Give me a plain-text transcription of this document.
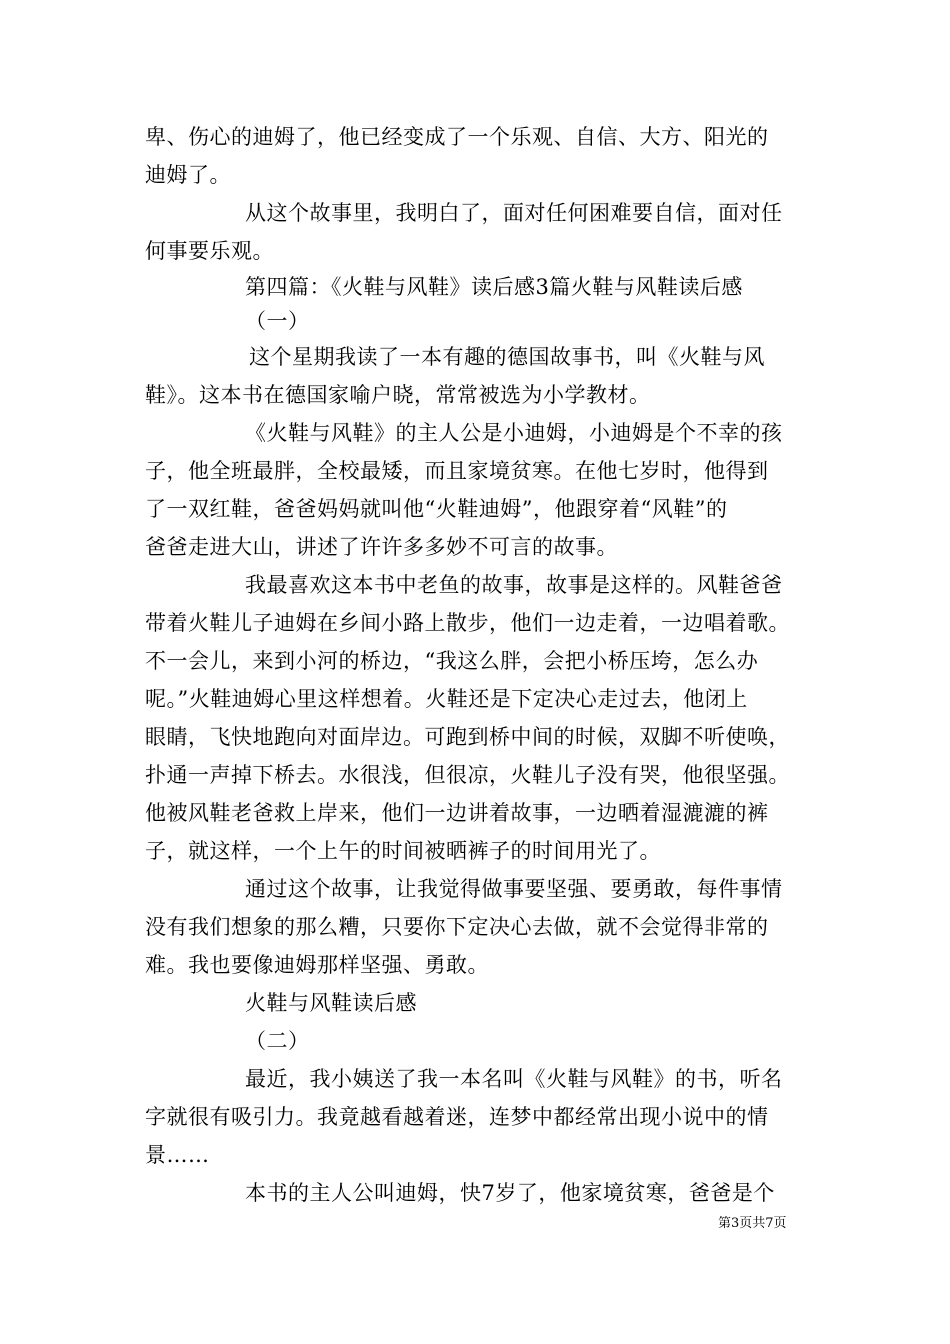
卑、伤心的迪姆了，他已经变成了一个乐观、自信、大方、阳光的
迪姆了。
从这个故事里，我明白了，面对任何困难要自信，面对任
何事要乐观。
第四篇：《火鞋与风鞋》读后感3篇火鞋与风鞋读后感
（一）
这个星期我读了一本有趣的德国故事书，叫《火鞋与风
鞋》。这本书在德国家喻户晓，常常被选为小学教材。
《火鞋与风鞋》的主人公是小迪姆，小迪姆是个不幸的孩
子，他全班最胖，全校最矮，而且家境贫寒。在他七岁时，他得到
了一双红鞋，爸爸妈妈就叫他“火鞋迪姆”，他跟穿着“风鞋”的
爸爸走进大山，讲述了许许多多妙不可言的故事。
我最喜欢这本书中老鱼的故事，故事是这样的。风鞋爸爸
带着火鞋儿子迪姆在乡间小路上散步，他们一边走着，一边唱着歌。
不一会儿，来到小河的桥边，“我这么胖，会把小桥压垮，怎么办
呢。”火鞋迪姆心里这样想着。火鞋还是下定决心走过去，他闭上
眼睛，飞快地跑向对面岸边。可跑到桥中间的时候，双脚不听使唤，
扑通一声掉下桥去。水很浅，但很凉，火鞋儿子没有哭，他很坚强。
他被风鞋老爸救上岸来，他们一边讲着故事，一边晒着湿漉漉的裤
子，就这样，一个上午的时间被晒裤子的时间用光了。
通过这个故事，让我觉得做事要坚强、要勇敢，每件事情
没有我们想象的那么糟，只要你下定决心去做，就不会觉得非常的
难。我也要像迪姆那样坚强、勇敢。
火鞋与风鞋读后感
（二）
最近，我小姨送了我一本名叫《火鞋与风鞋》的书，听名
字就很有吸引力。我竟越看越着迷，连梦中都经常出现小说中的情
景……
本书的主人公叫迪姆，快7岁了，他家境贫寒，爸爸是个
第3页共7页
